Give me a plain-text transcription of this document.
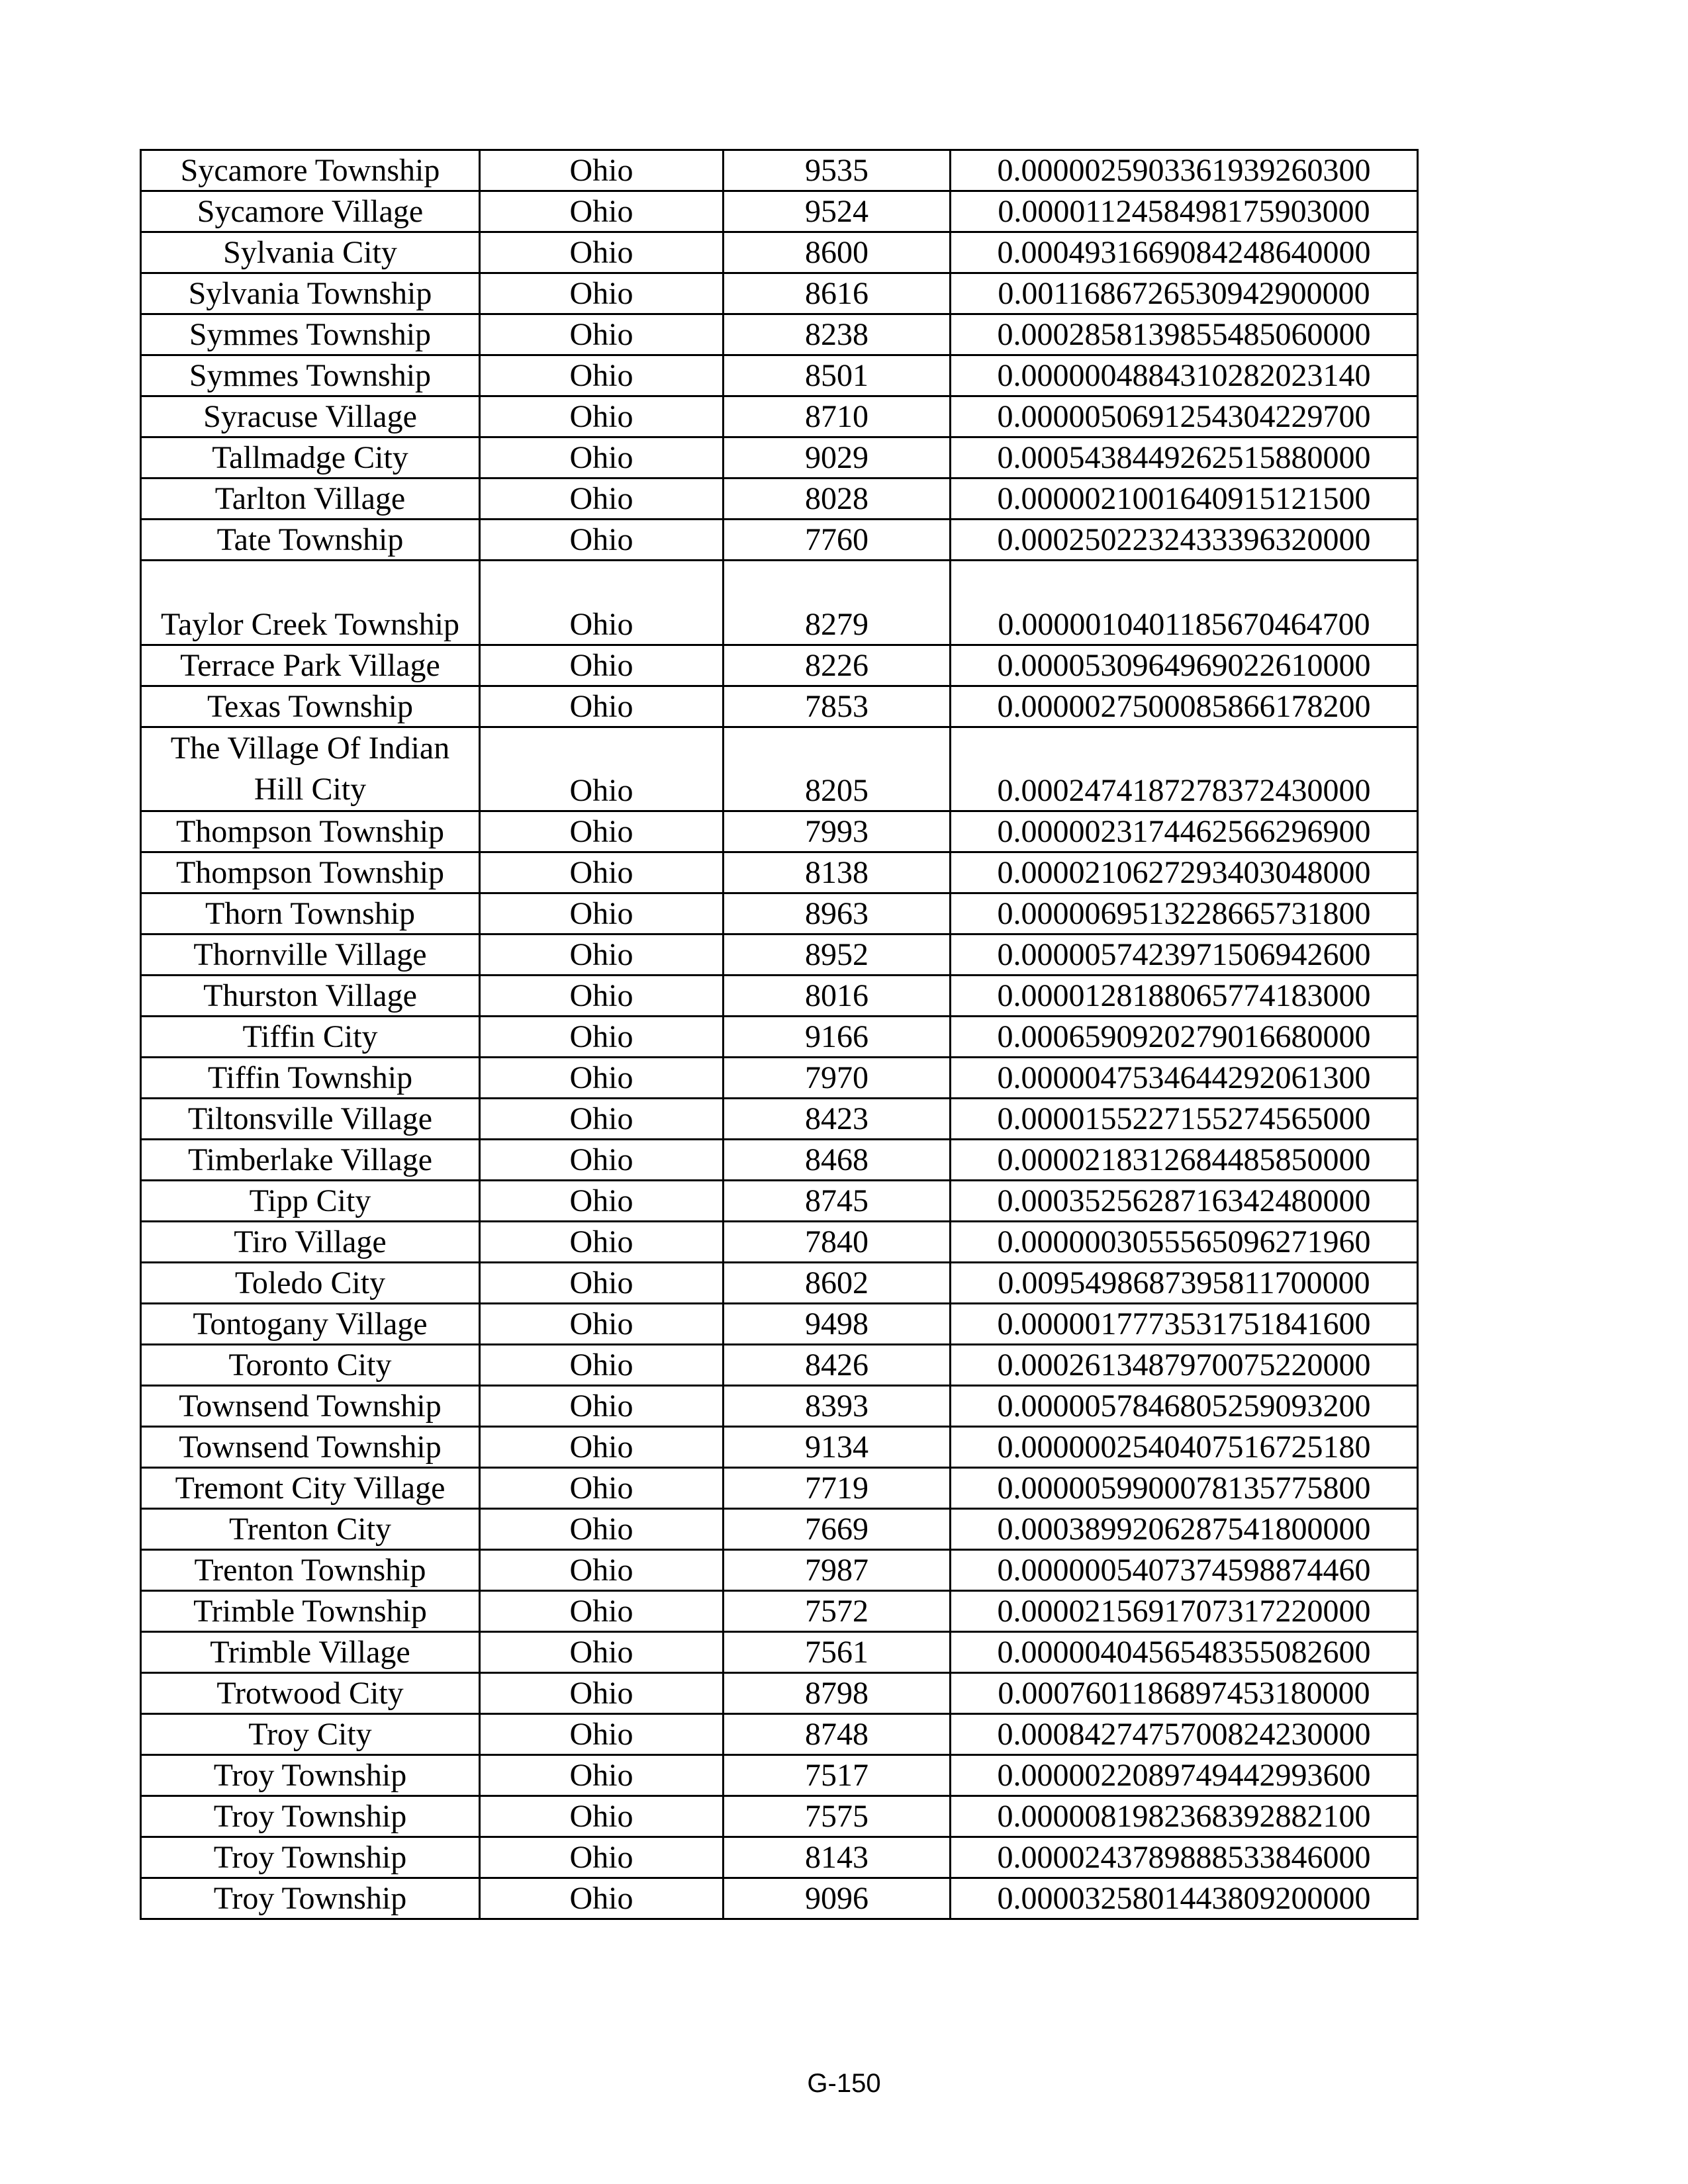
Sycamore Township	Ohio	9535	0.0000025903361939260300
Sycamore Village	Ohio	9524	0.0000112458498175903000
Sylvania City	Ohio	8600	0.0004931669084248640000
Sylvania Township	Ohio	8616	0.0011686726530942900000
Symmes Township	Ohio	8238	0.0002858139855485060000
Symmes Township	Ohio	8501	0.0000004884310282023140
Syracuse Village	Ohio	8710	0.0000050691254304229700
Tallmadge City	Ohio	9029	0.0005438449262515880000
Tarlton Village	Ohio	8028	0.0000021001640915121500
Tate Township	Ohio	7760	0.0002502232433396320000
Taylor Creek Township	Ohio	8279	0.0000010401185670464700
Terrace Park Village	Ohio	8226	0.0000530964969022610000
Texas Township	Ohio	7853	0.0000027500085866178200
The Village Of Indian Hill City	Ohio	8205	0.0002474187278372430000
Thompson Township	Ohio	7993	0.0000023174462566296900
Thompson Township	Ohio	8138	0.0000210627293403048000
Thorn Township	Ohio	8963	0.0000069513228665731800
Thornville Village	Ohio	8952	0.0000057423971506942600
Thurston Village	Ohio	8016	0.0000128188065774183000
Tiffin City	Ohio	9166	0.0006590920279016680000
Tiffin Township	Ohio	7970	0.0000047534644292061300
Tiltonsville Village	Ohio	8423	0.0000155227155274565000
Timberlake Village	Ohio	8468	0.0000218312684485850000
Tipp City	Ohio	8745	0.0003525628716342480000
Tiro Village	Ohio	7840	0.0000003055565096271960
Toledo City	Ohio	8602	0.0095498687395811700000
Tontogany Village	Ohio	9498	0.0000017773531751841600
Toronto City	Ohio	8426	0.0002613487970075220000
Townsend Township	Ohio	8393	0.0000057846805259093200
Townsend Township	Ohio	9134	0.0000002540407516725180
Tremont City Village	Ohio	7719	0.0000059900078135775800
Trenton City	Ohio	7669	0.0003899206287541800000
Trenton Township	Ohio	7987	0.0000005407374598874460
Trimble Township	Ohio	7572	0.0000215691707317220000
Trimble Village	Ohio	7561	0.0000040456548355082600
Trotwood City	Ohio	8798	0.0007601186897453180000
Troy City	Ohio	8748	0.0008427475700824230000
Troy Township	Ohio	7517	0.0000022089749442993600
Troy Township	Ohio	7575	0.0000081982368392882100
Troy Township	Ohio	8143	0.0000243789888533846000
Troy Township	Ohio	9096	0.0000325801443809200000
G-150
